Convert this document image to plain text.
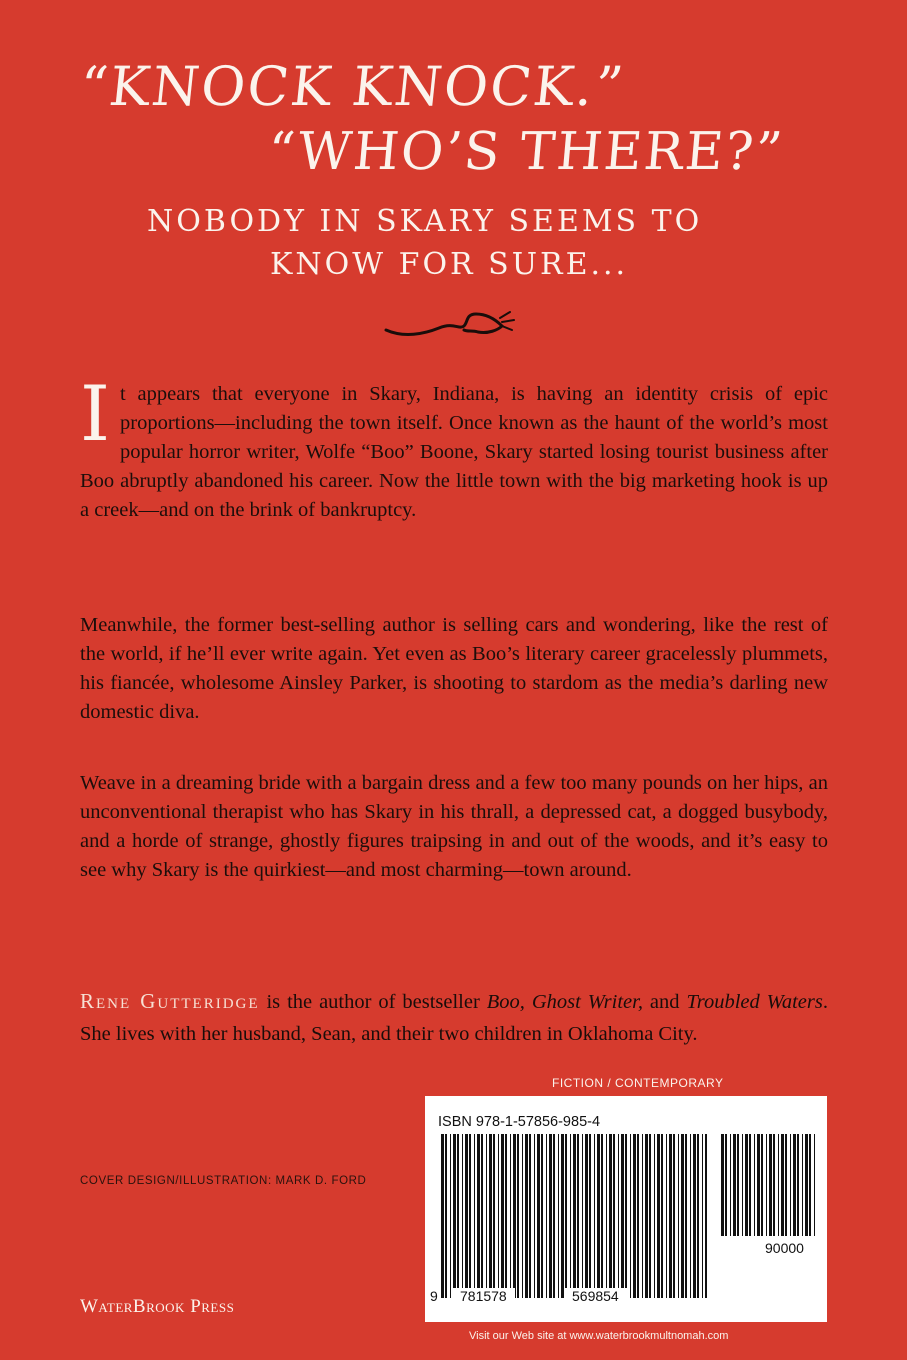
“KNOCK KNOCK.”
“WHO’S THERE?”
NOBODY IN SKARY SEEMS TO
KNOW FOR SURE...

It appears that everyone in Skary, Indiana, is having an identity crisis of epic proportions—including the town itself. Once known as the haunt of the world’s most popular horror writer, Wolfe “Boo” Boone, Skary started losing tourist business after Boo abruptly abandoned his career. Now the little town with the big marketing hook is up a creek—and on the brink of bankruptcy.

Meanwhile, the former best-selling author is selling cars and wondering, like the rest of the world, if he’ll ever write again. Yet even as Boo’s literary career gracelessly plummets, his fiancée, wholesome Ainsley Parker, is shooting to stardom as the media’s darling new domestic diva.

Weave in a dreaming bride with a bargain dress and a few too many pounds on her hips, an unconventional therapist who has Skary in his thrall, a depressed cat, a dogged busybody, and a horde of strange, ghostly figures traipsing in and out of the woods, and it’s easy to see why Skary is the quirkiest—and most charming—town around.

Rene Gutteridge is the author of bestseller Boo, Ghost Writer, and Troubled Waters. She lives with her husband, Sean, and their two children in Oklahoma City.

FICTION / CONTEMPORARY
ISBN 978-1-57856-985-4
9	781578	569854
90000
Visit our Web site at www.waterbrookmultnomah.com
COVER DESIGN/ILLUSTRATION: MARK D. FORD
WaterBrook Press
